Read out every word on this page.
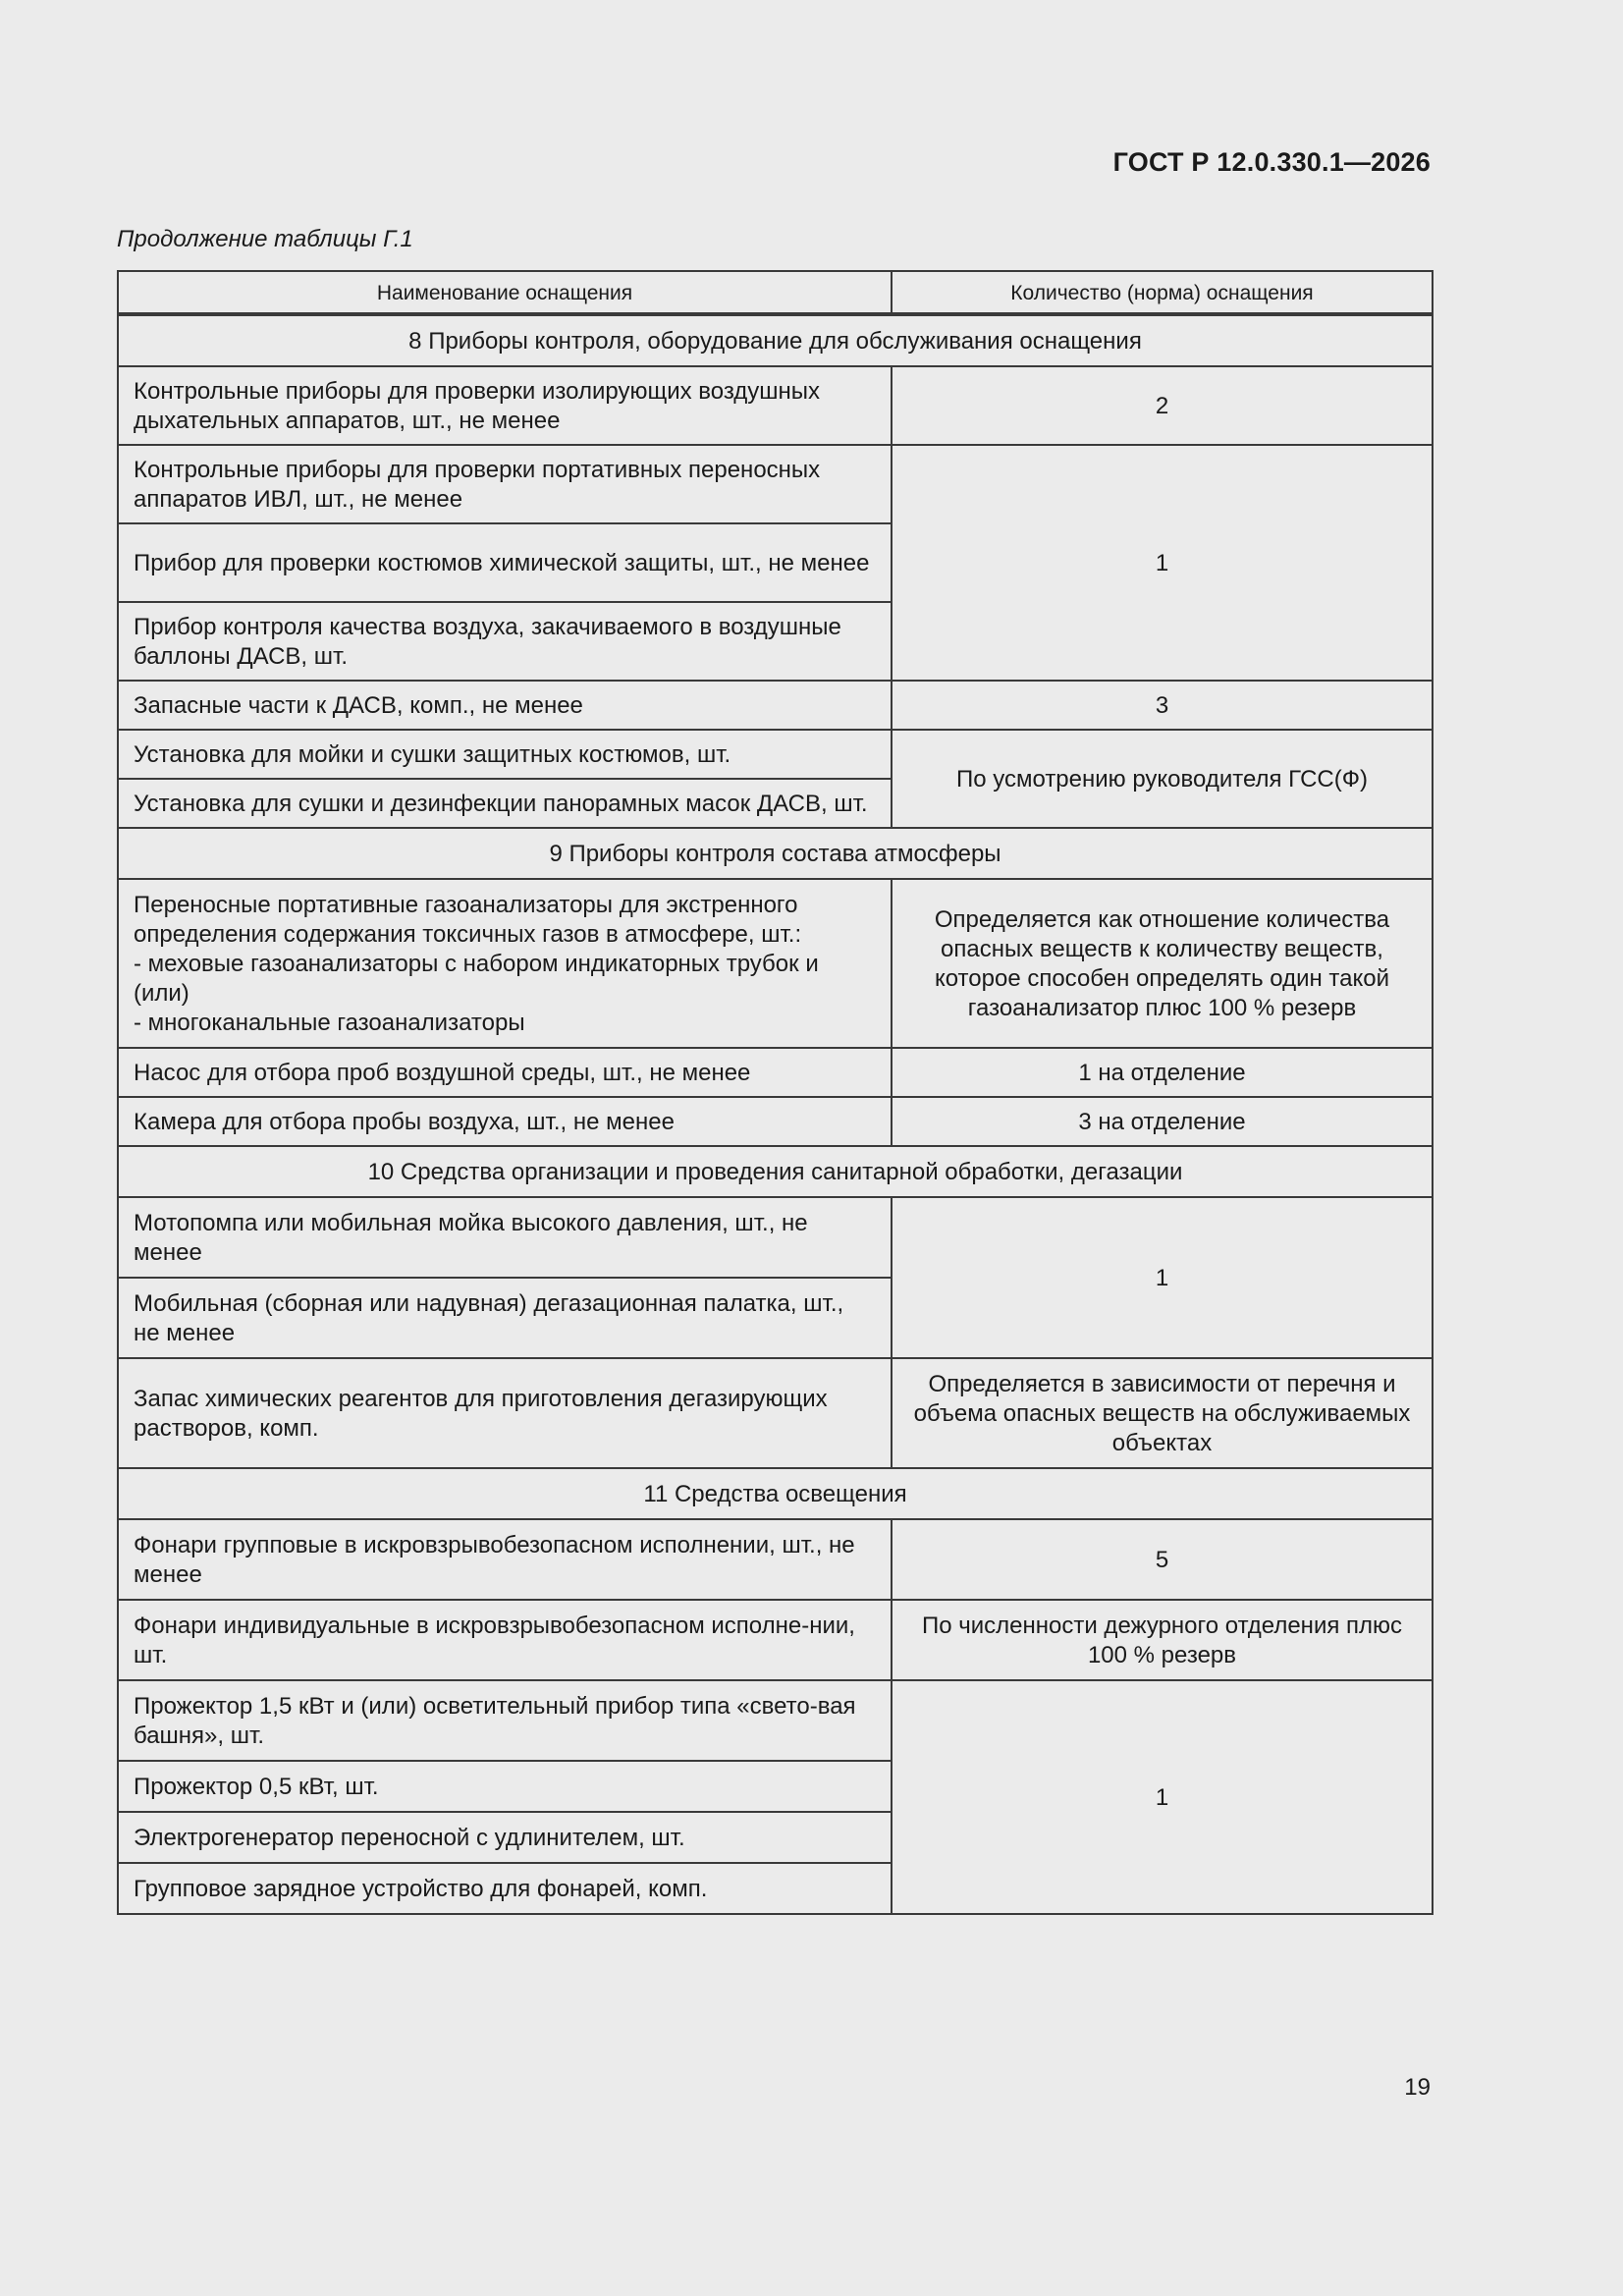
ГОСТ Р 12.0.330.1—2026
Продолжение таблицы Г.1
Наименование оснащения	Количество (норма) оснащения

8 Приборы контроля, оборудование для обслуживания оснащения	
Контрольные приборы для проверки изолирующих воздушных дыхательных аппаратов, шт., не менее	2
Контрольные приборы для проверки портативных переносных аппаратов ИВЛ, шт., не менее	1
Прибор для проверки костюмов химической защиты, шт., не менее	
Прибор контроля качества воздуха, закачиваемого в воздушные баллоны ДАСВ, шт.	
Запасные части к ДАСВ, комп., не менее	3
Установка для мойки и сушки защитных костюмов, шт.	По усмотрению руководителя ГСС(Ф)
Установка для сушки и дезинфекции панорамных масок ДАСВ, шт.	
9 Приборы контроля состава атмосферы	

Переносные портативные газоанализаторы для экстренного определения содержания токсичных газов в атмосфере, шт.:
- меховые газоанализаторы с набором индикаторных трубок и (или)
- многоканальные газоанализаторы	Определяется как отношение количества опасных веществ к количеству веществ, которое способен определять один такой газоанализатор плюс 100 % резерв
Насос для отбора проб воздушной среды, шт., не менее	1 на отделение
Камера для отбора пробы воздуха, шт., не менее	3 на отделение
10 Средства организации и проведения санитарной обработки, дегазации	
Мотопомпа или мобильная мойка высокого давления, шт., не менее	1
Мобильная (сборная или надувная) дегазационная палатка, шт., не менее	
Запас химических реагентов для приготовления дегазирующих растворов, комп.	Определяется в зависимости от перечня и объема опасных веществ на обслуживаемых объектах
11 Средства освещения	
Фонари групповые в искровзрывобезопасном исполнении, шт., не менее	5
Фонари индивидуальные в искровзрывобезопасном исполне-нии, шт.	По численности дежурного отделения плюс 100 % резерв
Прожектор 1,5 кВт и (или) осветительный прибор типа «свето-вая башня», шт.	1
Прожектор 0,5 кВт, шт.	
Электрогенератор переносной с удлинителем, шт.	
Групповое зарядное устройство для фонарей, комп.	
19
